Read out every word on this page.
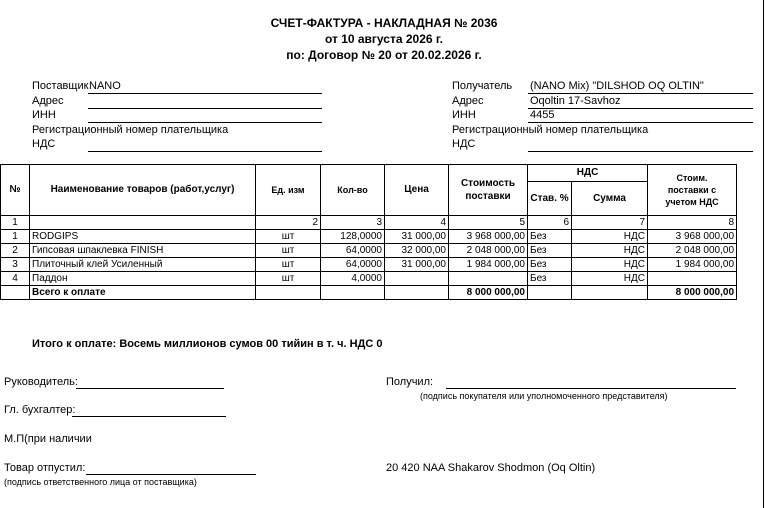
СЧЕТ-ФАКТУРА - НАКЛАДНАЯ № 2036
от 10 августа 2026 г.
по: Договор № 20 от 20.02.2026 г.
Поставщик NANO
Адрес
ИНН
Регистрационный номер плательщика
НДС
Получатель (NANO Mix) "DILSHOD OQ OLTIN"
Адрес	Oqoltin 17-Savhoz
ИНН	4455
Регистрационный номер плательщика
НДС
№	Наименование товаров (работ,услуг)	Ед. изм	Кол-во	Цена	Стоимость поставки	НДС		Стоим. поставки с учетом НДС
						Став. %	Сумма	
1		2	3	4	5	6	7	8
1	RODGIPS	шт	128,0000	31 000,00	3 968 000,00	Без	НДС	3 968 000,00
2	Гипсовая шпаклевка FINISH	шт	64,0000	32 000,00	2 048 000,00	Без	НДС	2 048 000,00
3	Плиточный клей Усиленный	шт	64,0000	31 000,00	1 984 000,00	Без	НДС	1 984 000,00
4	Паддон	шт	4,0000			Без	НДС	
	Всего к оплате				8 000 000,00			8 000 000,00
Итого к оплате: Восемь миллионов сумов 00 тийин в т. ч. НДС 0
Руководитель:
Гл. бухгалтер:
М.П(при наличии
Товар отпустил:
(подпись ответственного лица от поставщика)
Получил:
(подпись покупателя или уполномоченного представителя)
20 420 NAA Shakarov Shodmon (Oq Oltin)
